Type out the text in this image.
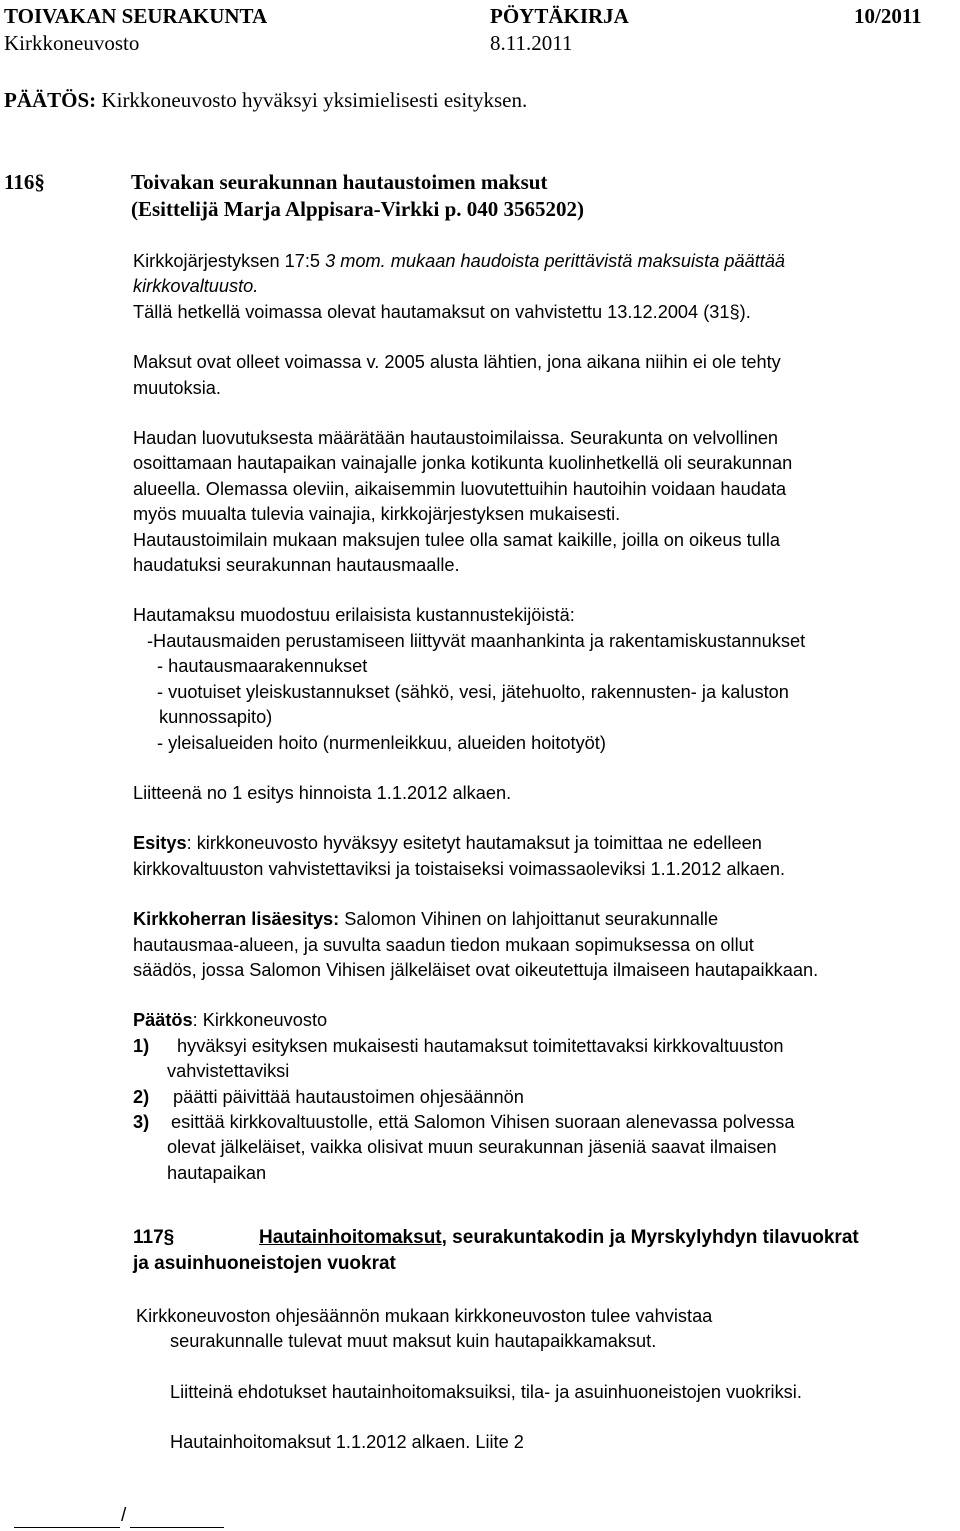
TOIVAKAN SEURAKUNTA	PÖYTÄKIRJA	10/2011
Kirkkoneuvosto	8.11.2011
PÄÄTÖS: Kirkkoneuvosto hyväksyi yksimielisesti esityksen.
116§	Toivakan seurakunnan hautaustoimen maksut
(Esittelijä Marja Alppisara-Virkki p. 040 3565202)

Kirkkojärjestyksen 17:5 3 mom. mukaan haudoista perittävistä maksuista päättää

kirkkovaltuusto.

Tällä hetkellä voimassa olevat hautamaksut on vahvistettu 13.12.2004 (31§).

Maksut ovat olleet voimassa v. 2005 alusta lähtien, jona aikana niihin ei ole tehty

muutoksia.

Haudan luovutuksesta määrätään hautaustoimilaissa. Seurakunta on velvollinen

osoittamaan hautapaikan vainajalle jonka kotikunta kuolinhetkellä oli seurakunnan

alueella. Olemassa oleviin, aikaisemmin luovutettuihin hautoihin voidaan haudata

myös muualta tulevia vainajia, kirkkojärjestyksen mukaisesti.

Hautaustoimilain mukaan maksujen tulee olla samat kaikille, joilla on oikeus tulla

haudatuksi seurakunnan hautausmaalle.

Hautamaksu muodostuu erilaisista kustannustekijöistä:

-Hautausmaiden perustamiseen liittyvät maanhankinta ja rakentamiskustannukset

- hautausmaarakennukset

- vuotuiset yleiskustannukset (sähkö, vesi, jätehuolto, rakennusten- ja kaluston

kunnossapito)

- yleisalueiden hoito (nurmenleikkuu, alueiden hoitotyöt)

Liitteenä no 1 esitys hinnoista 1.1.2012 alkaen.

Esitys: kirkkoneuvosto hyväksyy esitetyt hautamaksut ja toimittaa ne edelleen

kirkkovaltuuston vahvistettaviksi ja toistaiseksi voimassaoleviksi 1.1.2012 alkaen.

Kirkkoherran lisäesitys: Salomon Vihinen on lahjoittanut seurakunnalle

hautausmaa-alueen, ja suvulta saadun tiedon mukaan sopimuksessa on ollut

säädös, jossa Salomon Vihisen jälkeläiset ovat oikeutettuja ilmaiseen hautapaikkaan.

Päätös: Kirkkoneuvosto

1)	hyväksyi esityksen mukaisesti hautamaksut toimitettavaksi kirkkovaltuuston

vahvistettaviksi

2)	päätti päivittää hautaustoimen ohjesäännön

3)	esittää kirkkovaltuustolle, että Salomon Vihisen suoraan alenevassa polvessa

olevat jälkeläiset, vaikka olisivat muun seurakunnan jäseniä saavat ilmaisen

hautapaikan

117§	Hautainhoitomaksut, seurakuntakodin ja Myrskylyhdyn tilavuokrat
ja asuinhuoneistojen vuokrat

Kirkkoneuvoston ohjesäännön mukaan kirkkoneuvoston tulee vahvistaa

seurakunnalle tulevat muut maksut kuin hautapaikkamaksut.

Liitteinä ehdotukset hautainhoitomaksuiksi, tila- ja asuinhuoneistojen vuokriksi.

Hautainhoitomaksut 1.1.2012 alkaen. Liite 2

/
